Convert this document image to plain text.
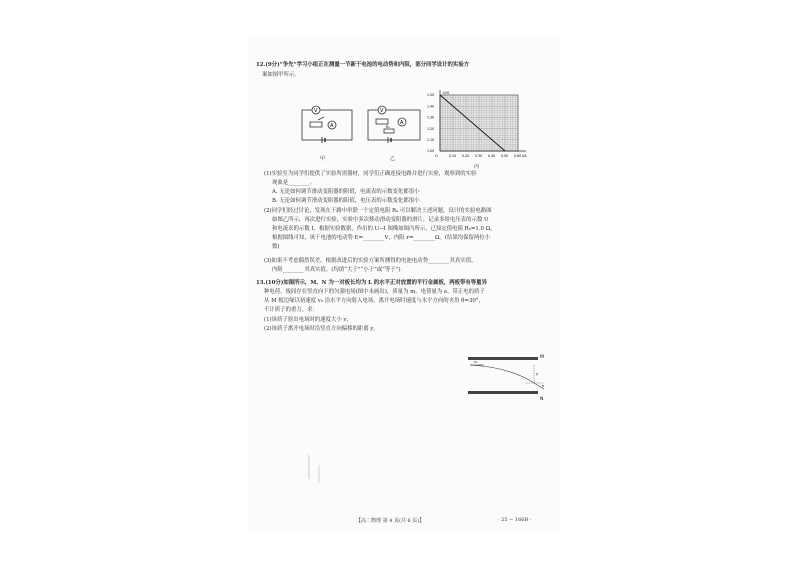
12.(9分)“争先”学习小组正在测量一节新干电池的电动势和内阻，部分同学设计的实验方
案如图甲所示。
V
A
甲
V
A
R₀
乙	0.10 0.20 0.30 0.40 0.50 0.60
1.50
1.40
1.30
1.20
1.10
1.00
O	I/A
U/V
丙
(1)实验室为同学们提供了实验所需器材，同学们正确连接电路并进行实验，观察到的实验
现象是________。
A. 无论如何调节滑动变阻器的阻值，电流表的示数变化都很小
B. 无论如何调节滑动变阻器的阻值，电压表的示数变化都很小
(2)同学们经过讨论，发现在干路中串联一个定值电阻 R₀ 可以解决上述问题，设计的实验电路图
如图乙所示，再次进行实验，实验中多次移动滑动变阻器的滑片，记录多组电压表的示数 U
和电流表的示数 I，根据实验数据，作出的 U−I 图像如图丙所示，已知定值电阻 R₀=1.0 Ω，
根据图线可知，该干电池的电动势 E=________V，内阻 r=________Ω。(结果均保留两位小
数)
(3)如果不考虑偶然误差，根据改进后的实验方案所测得的电池电动势________其真实值，
内阻________其真实值。(均填“大于”“小于”或“等于”)
13.(10分)如图所示，M、N 为一对板长均为 L 的水平正对放置的平行金属板，两板带有等量异
种电荷，板间存在竖直向下的匀强电场(图中未画出)，质量为 m、电荷量为 e、带正电的质子
从 M 板边缘以初速度 v₀ 沿水平方向射入电场，离开电场时速度与水平方向的夹角 θ=30°，
不计质子的重力。求：
(1)该质子射出电场时的速度大小 v；
(2)该质子离开电场时沿竖直方向偏移的距离 y。
M
N
v₀
y
θ
【高二物理 第 4 页(共 6 页)】	· 25 − 166B ·
